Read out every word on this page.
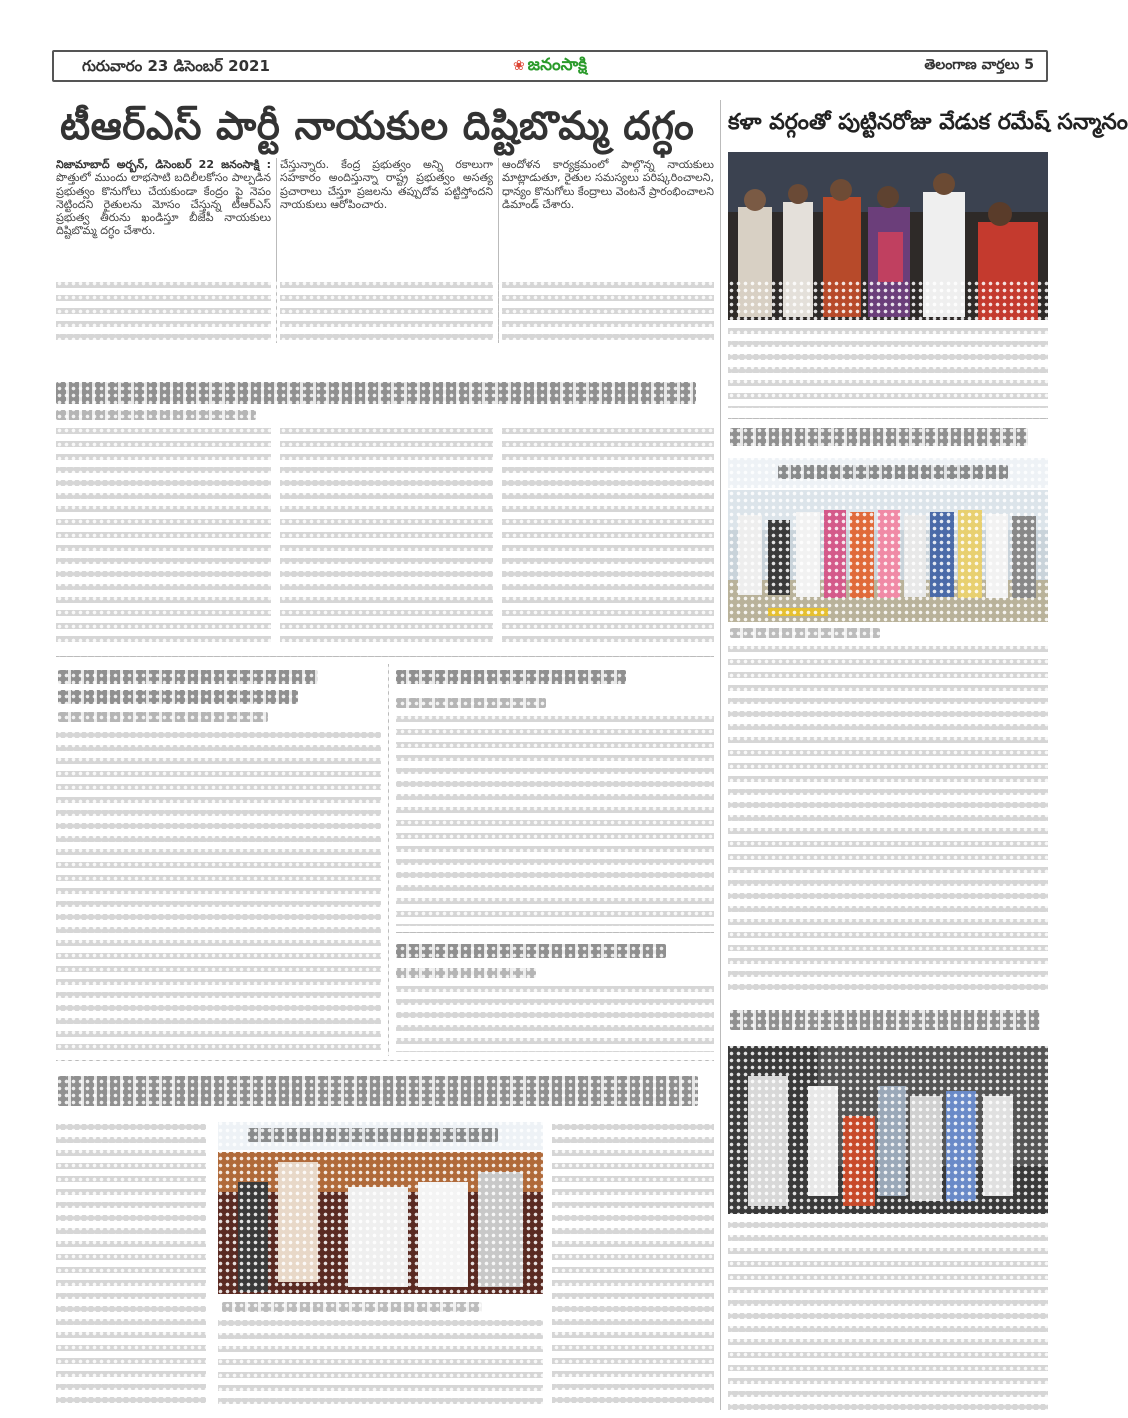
గురువారం 23 డిసెంబర్ 2021	❀ జనంసాక్షి	తెలంగాణ వార్తలు 5
టీఆర్ఎస్ పార్టీ నాయకుల దిష్టిబొమ్మ దగ్ధం కళా వర్గంతో పుట్టినరోజు వేడుక రమేష్ సన్మానం
నిజామాబాద్ అర్బన్, డిసెంబర్ 22 జనంసాక్షి : పొత్తులో ముందు లాభసాటి బదిలీలకోసం పాల్పడిన ప్రభుత్వం కొనుగోలు చేయకుండా కేంద్రం పై నెపం నెట్టిందని రైతులను మోసం చేస్తున్న టీఆర్ఎస్ ప్రభుత్వ తీరును ఖండిస్తూ బీజేపీ నాయకులు దిష్టిబొమ్మ దగ్ధం చేశారు.
చేస్తున్నారు. కేంద్ర ప్రభుత్వం అన్ని రకాలుగా సహకారం అందిస్తున్నా రాష్ట్ర ప్రభుత్వం అసత్య ప్రచారాలు చేస్తూ ప్రజలను తప్పుదోవ పట్టిస్తోందని నాయకులు ఆరోపించారు.
ఆందోళన కార్యక్రమంలో పాల్గొన్న నాయకులు మాట్లాడుతూ, రైతుల సమస్యలు పరిష్కరించాలని, ధాన్యం కొనుగోలు కేంద్రాలు వెంటనే ప్రారంభించాలని డిమాండ్ చేశారు.
